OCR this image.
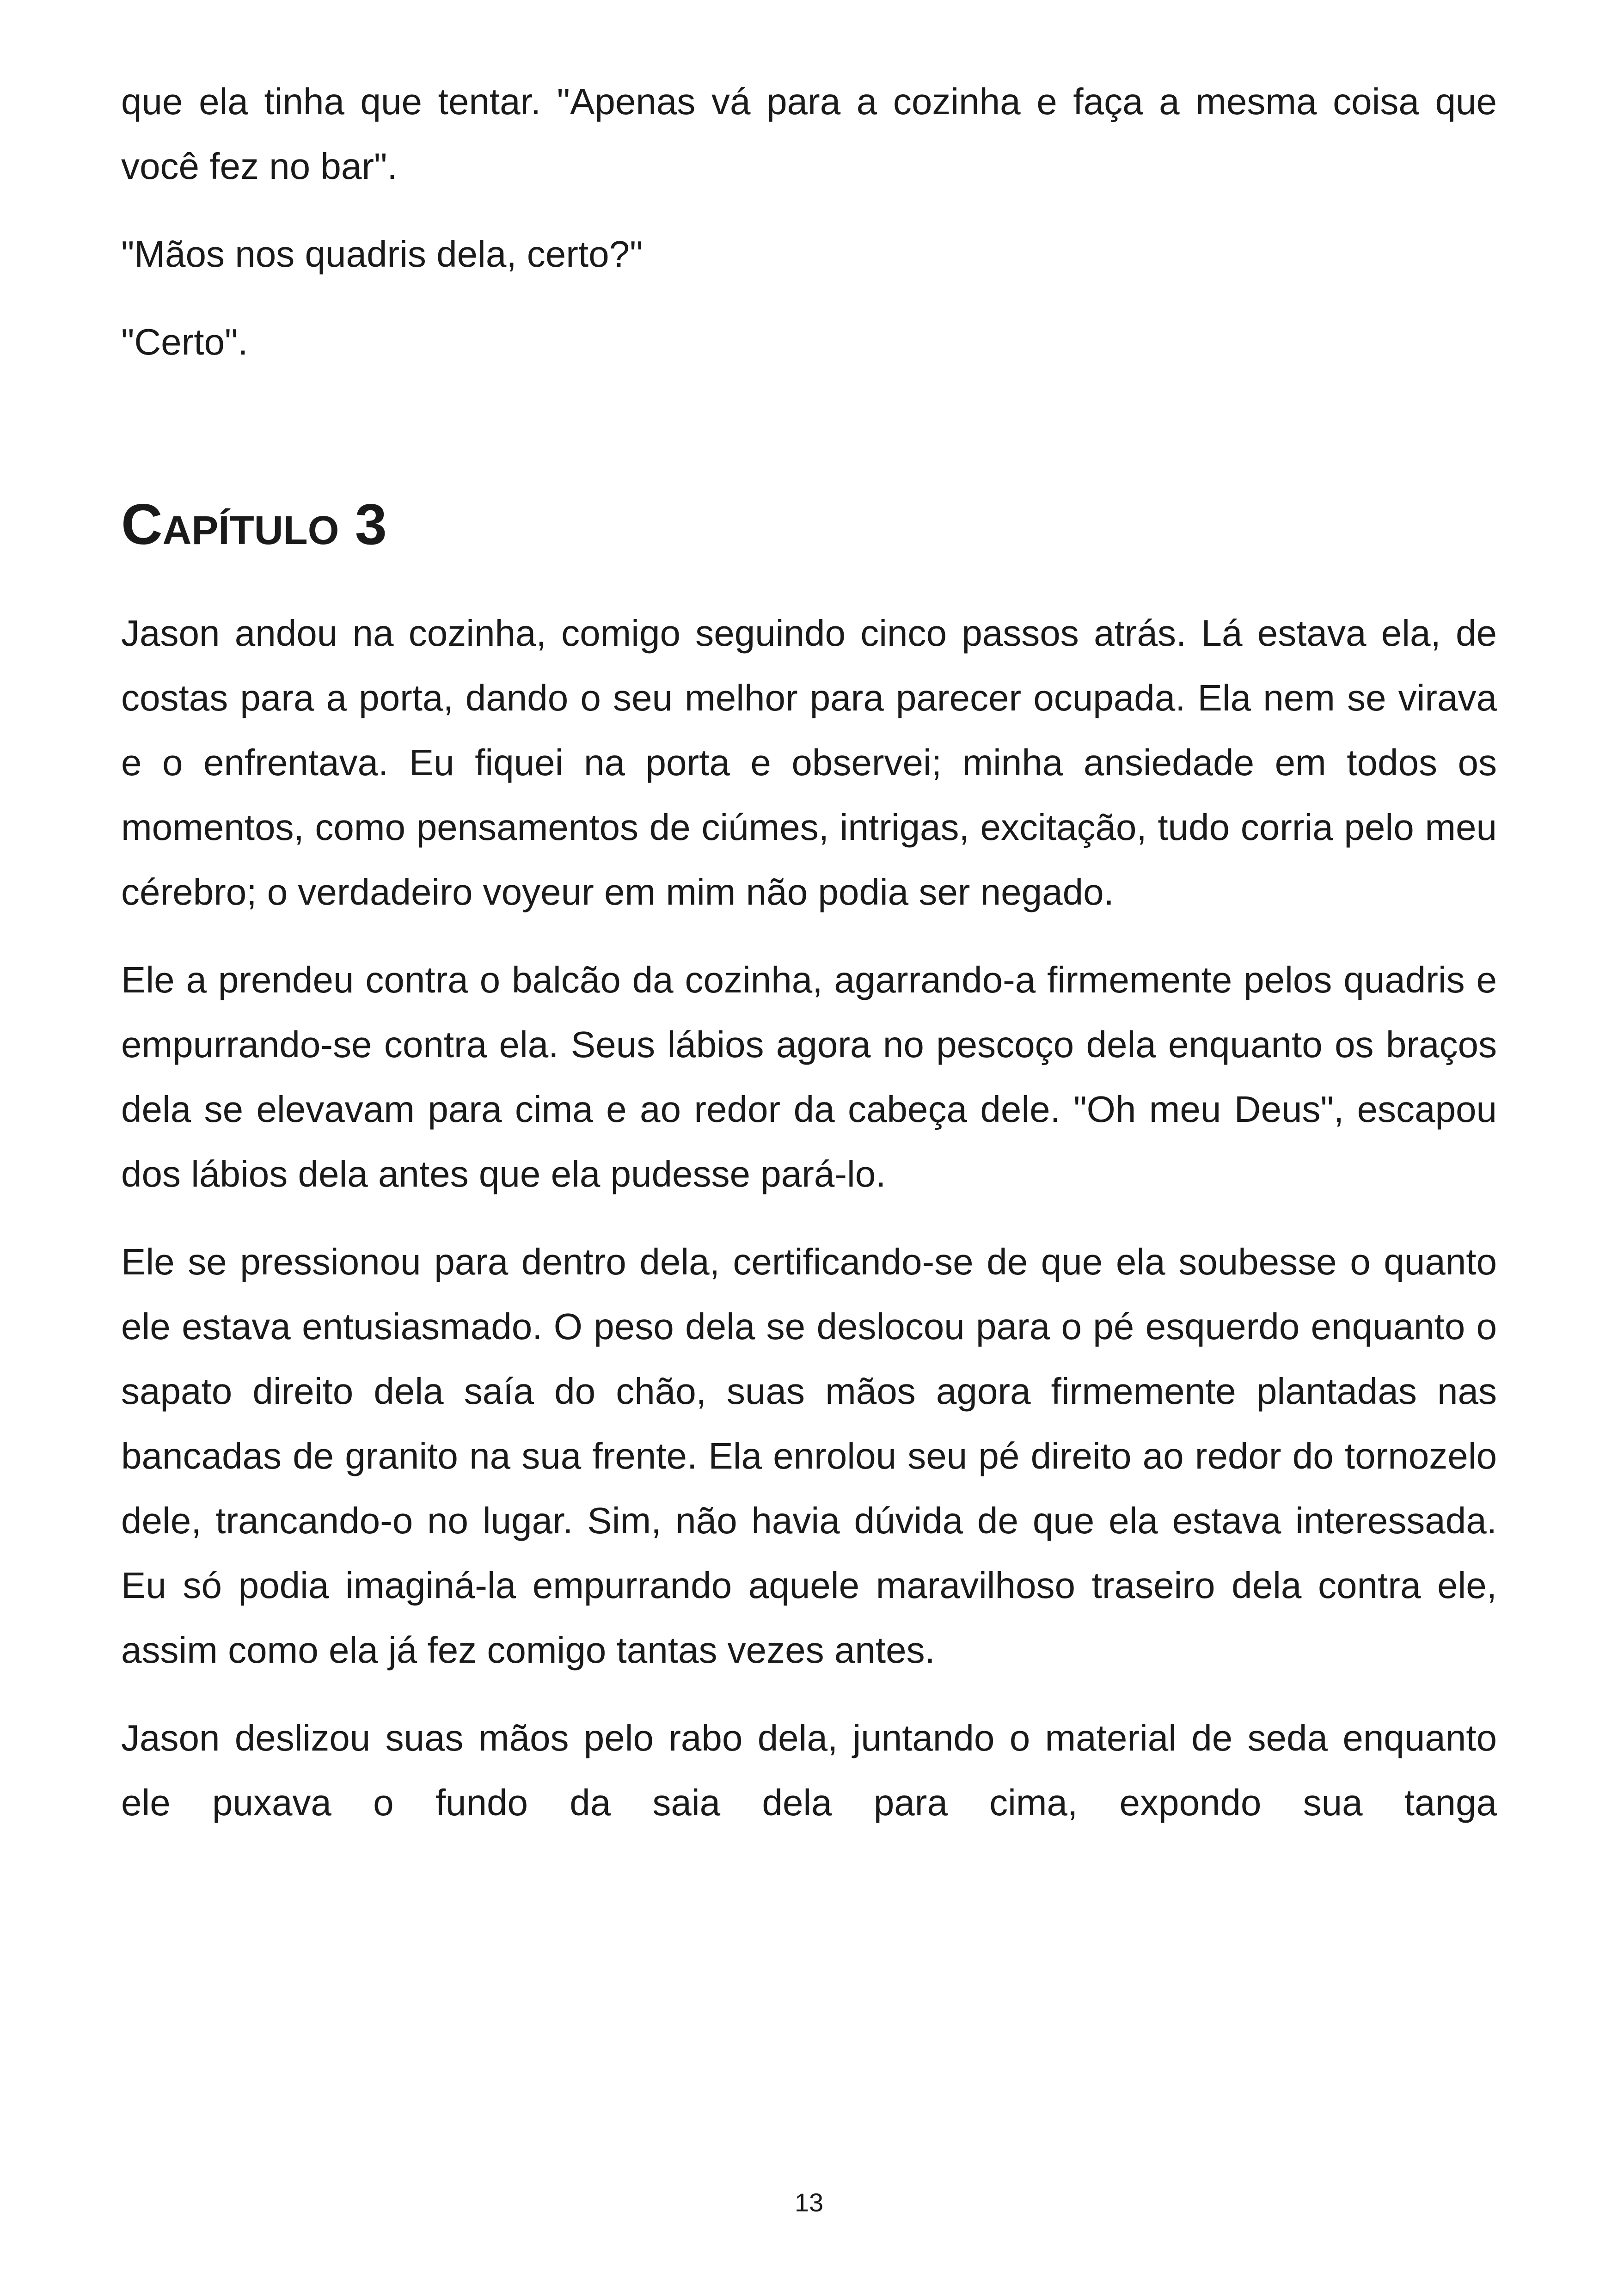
que ela tinha que tentar. "Apenas vá para a cozinha e faça a mesma coisa que você fez no bar".

"Mãos nos quadris dela, certo?"

"Certo".

Capítulo 3

Jason andou na cozinha, comigo seguindo cinco passos atrás. Lá estava ela, de costas para a porta, dando o seu melhor para parecer ocupada. Ela nem se virava e o enfrentava. Eu fiquei na porta e observei; minha ansiedade em todos os momentos, como pensamentos de ciúmes, intrigas, excitação, tudo corria pelo meu cérebro; o verdadeiro voyeur em mim não podia ser negado.

Ele a prendeu contra o balcão da cozinha, agarrando-a firmemente pelos quadris e empurrando-se contra ela. Seus lábios agora no pescoço dela enquanto os braços dela se elevavam para cima e ao redor da cabeça dele. "Oh meu Deus", escapou dos lábios dela antes que ela pudesse pará-lo.

Ele se pressionou para dentro dela, certificando-se de que ela soubesse o quanto ele estava entusiasmado. O peso dela se deslocou para o pé esquerdo enquanto o sapato direito dela saía do chão, suas mãos agora firmemente plantadas nas bancadas de granito na sua frente. Ela enrolou seu pé direito ao redor do tornozelo dele, trancando-o no lugar. Sim, não havia dúvida de que ela estava interessada. Eu só podia imaginá-la empurrando aquele maravilhoso traseiro dela contra ele, assim como ela já fez comigo tantas vezes antes.

Jason deslizou suas mãos pelo rabo dela, juntando o material de seda enquanto ele puxava o fundo da saia dela para cima, expondo sua tanga

13
